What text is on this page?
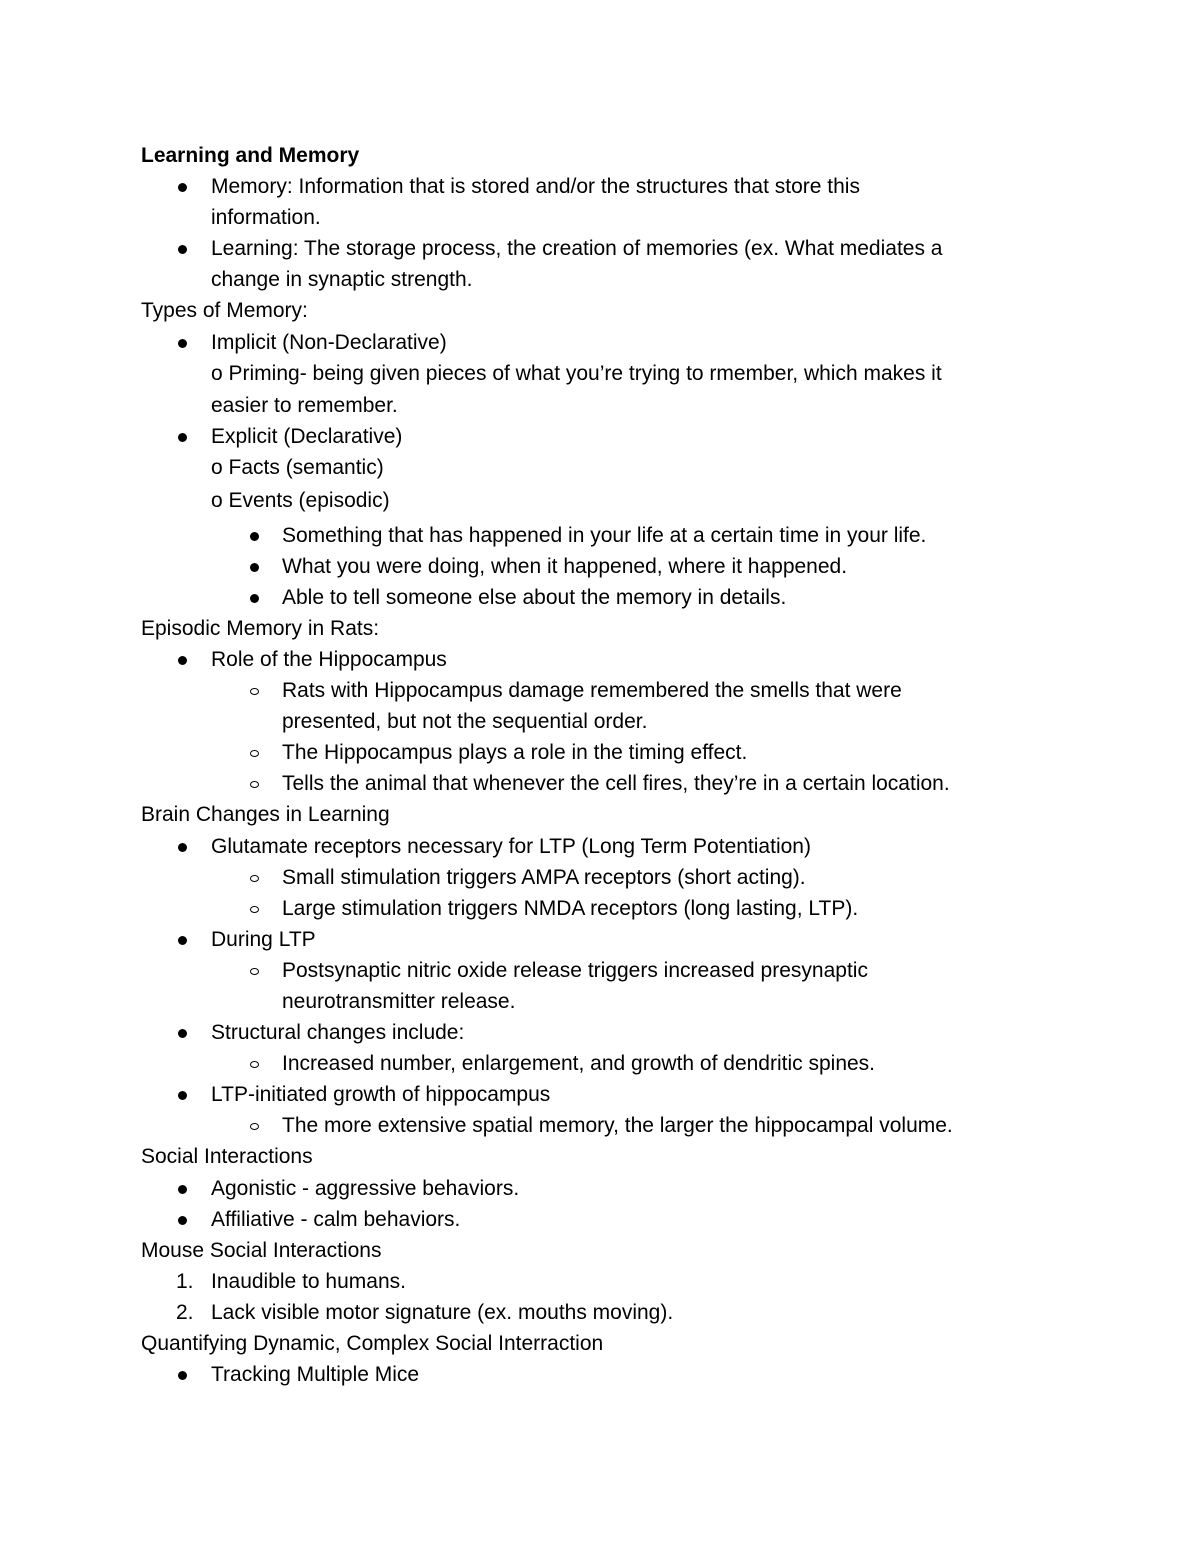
Learning and Memory
Memory: Information that is stored and/or the structures that store this
information.
Learning: The storage process, the creation of memories (ex. What mediates a
change in synaptic strength.
Types of Memory:
Implicit (Non-Declarative)
o Priming- being given pieces of what you’re trying to rmember, which makes it
easier to remember.
Explicit (Declarative)
o Facts (semantic)
o Events (episodic)
Something that has happened in your life at a certain time in your life.
What you were doing, when it happened, where it happened.
Able to tell someone else about the memory in details.
Episodic Memory in Rats:
Role of the Hippocampus
Rats with Hippocampus damage remembered the smells that were
presented, but not the sequential order.
The Hippocampus plays a role in the timing effect.
Tells the animal that whenever the cell fires, they’re in a certain location.
Brain Changes in Learning
Glutamate receptors necessary for LTP (Long Term Potentiation)
Small stimulation triggers AMPA receptors (short acting).
Large stimulation triggers NMDA receptors (long lasting, LTP).
During LTP
Postsynaptic nitric oxide release triggers increased presynaptic
neurotransmitter release.
Structural changes include:
Increased number, enlargement, and growth of dendritic spines.
LTP-initiated growth of hippocampus
The more extensive spatial memory, the larger the hippocampal volume.
Social Interactions
Agonistic - aggressive behaviors.
Affiliative - calm behaviors.
Mouse Social Interactions
1. Inaudible to humans.
2. Lack visible motor signature (ex. mouths moving).
Quantifying Dynamic, Complex Social Interraction
Tracking Multiple Mice
